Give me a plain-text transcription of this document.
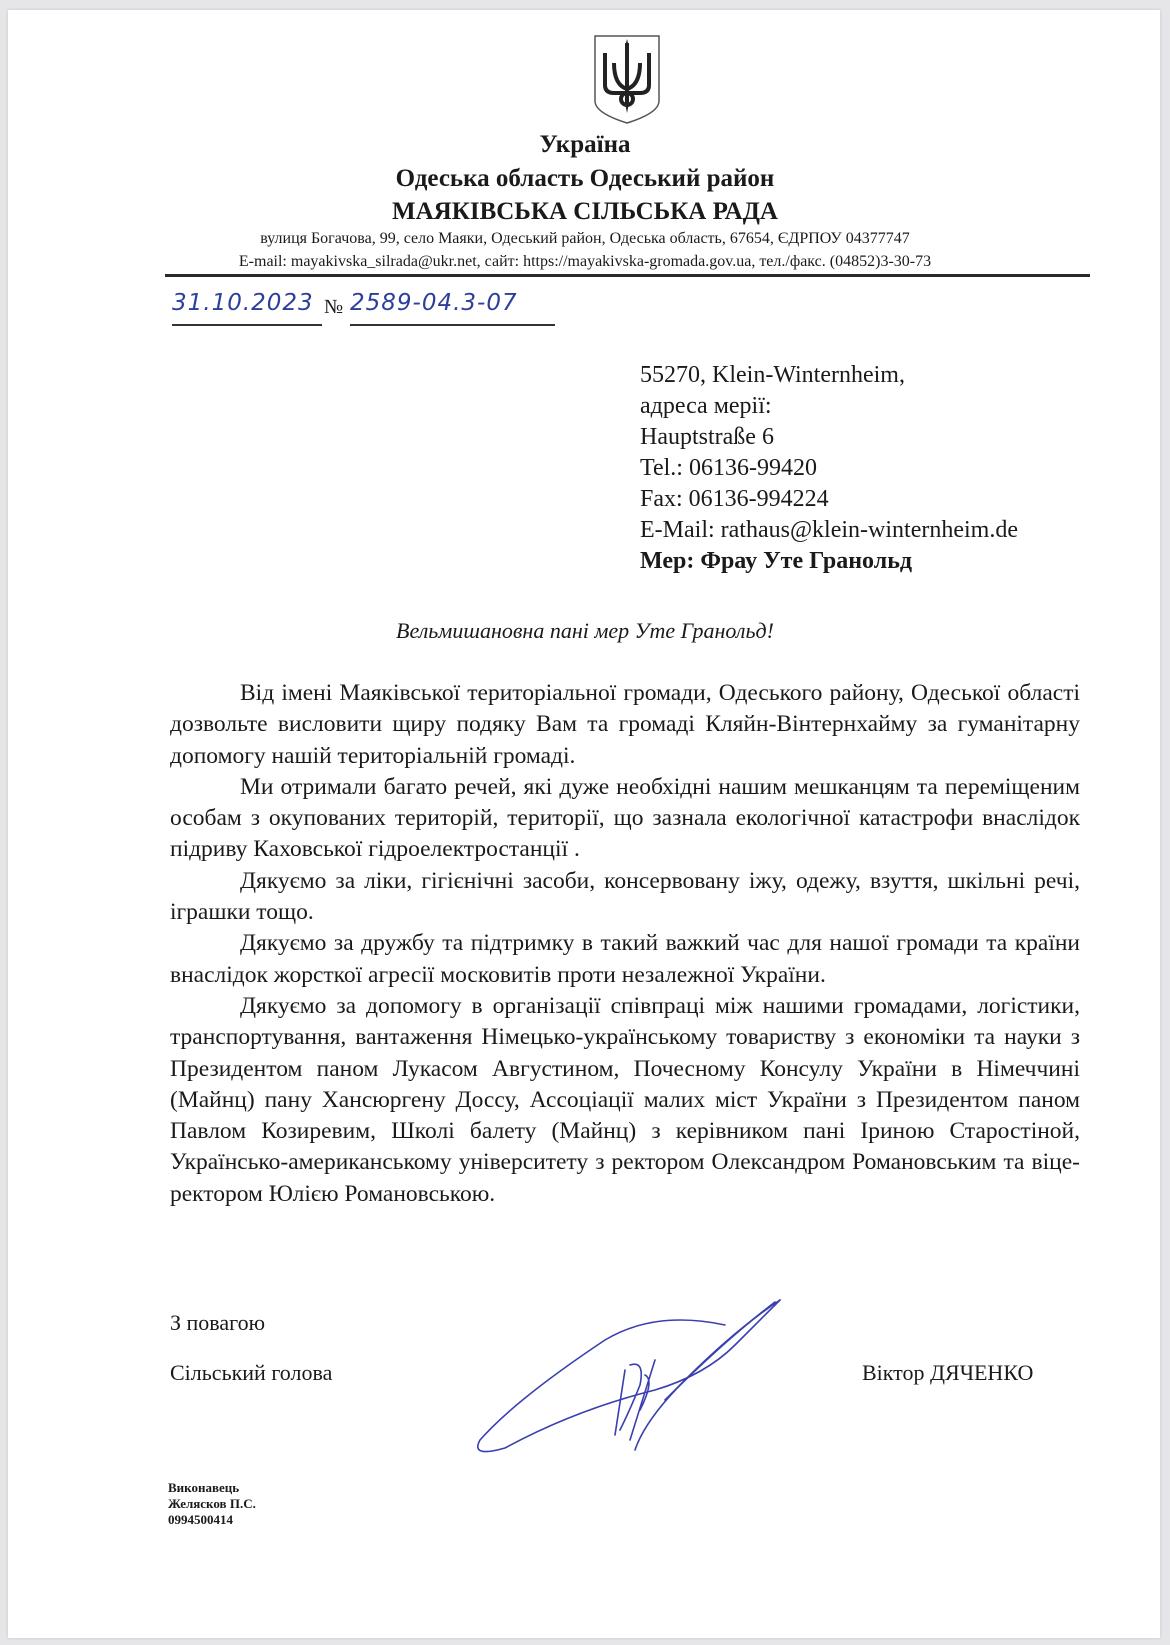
Україна
Одеська область Одеський район
МАЯКІВСЬКА СІЛЬСЬКА РАДА
вулиця Богачова, 99, село Маяки, Одеський район, Одеська область, 67654, ЄДРПОУ 04377747
E-mail: mayakivska_silrada@ukr.net, сайт: https://mayakivska-gromada.gov.ua, тел./факс. (04852)3-30-73
31.10.2023 № 2589-04.3-07
55270, Klein-Winternheim,
адреса мерії:
Hauptstraße 6
Tel.: 06136-99420
Fax: 06136-994224
E-Mail: rathaus@klein-winternheim.de
Мер: Фрау Уте Гранольд
Вельмишановна пані мер Уте Гранольд!

Від імені Маяківської територіальної громади, Одеського району, Одеської області дозвольте висловити щиру подяку Вам та громаді Кляйн-Вінтернхайму за гуманітарну допомогу нашій територіальній громаді.

Ми отримали багато речей, які дуже необхідні нашим мешканцям та переміщеним особам з окупованих територій, території, що зазнала екологічної катастрофи внаслідок підриву Каховської гідроелектростанції .

Дякуємо за ліки, гігієнічні засоби, консервовану іжу, одежу, взуття, шкільні речі, іграшки тощо.

Дякуємо за дружбу та підтримку в такий важкий час для нашої громади та країни внаслідок жорсткої агресії московитів проти незалежної України.

Дякуємо за допомогу в організації співпраці між нашими громадами, логістики, транспортування, вантаження Німецько-українському товариству з економіки та науки з Президентом паном Лукасом Августином, Почесному Консулу України в Німеччині (Майнц) пану Хансюргену Доссу, Ассоціації малих міст України з Президентом паном Павлом Козиревим, Школі балету (Майнц) з керівником пані Іриною Старостіной, Українсько-американському університету з ректором Олександром Романовським та віце-ректором Юлією Романовською.

З повагою
Сільський голова	Віктор ДЯЧЕНКО
Виконавець
Желясков П.С.
0994500414
